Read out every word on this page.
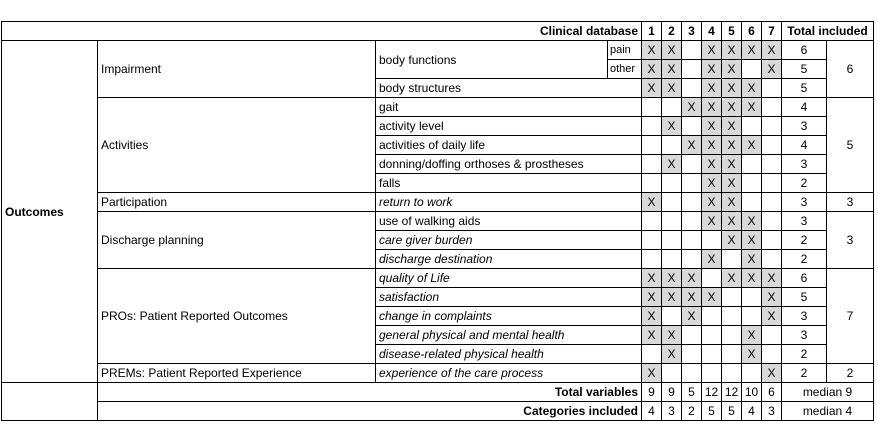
Clinical database				1	2	3	4	5	6	7	Total included	
Outcomes	Impairment	body functions	pain	X	X		X	X	X	X	6	6
			other	X	X		X	X		X	5	
		body structures		X	X		X	X	X		5	
	Activities	gait				X	X	X	X		4	5
		activity level			X		X	X			3	
		activities of daily life				X	X	X	X		4	
		donning/doffing orthoses & prostheses			X		X	X			3	
		falls					X	X			2	
	Participation	return to work		X			X	X			3	3
	Discharge planning	use of walking aids					X	X	X		3	3
		care giver burden						X	X		2	
		discharge destination					X		X		2	
	PROs: Patient Reported Outcomes	quality of Life		X	X	X		X	X	X	6	7
		satisfaction		X	X	X	X			X	5	
		change in complaints		X		X				X	3	
		general physical and mental health		X	X				X		3	
		disease-related physical health			X				X		2	
	PREMs: Patient Reported Experience	experience of the care process		X						X	2	2
	Total variables			9	9	5	12	12	10	6	median 9	
	Categories included			4	3	2	5	5	4	3	median 4	
